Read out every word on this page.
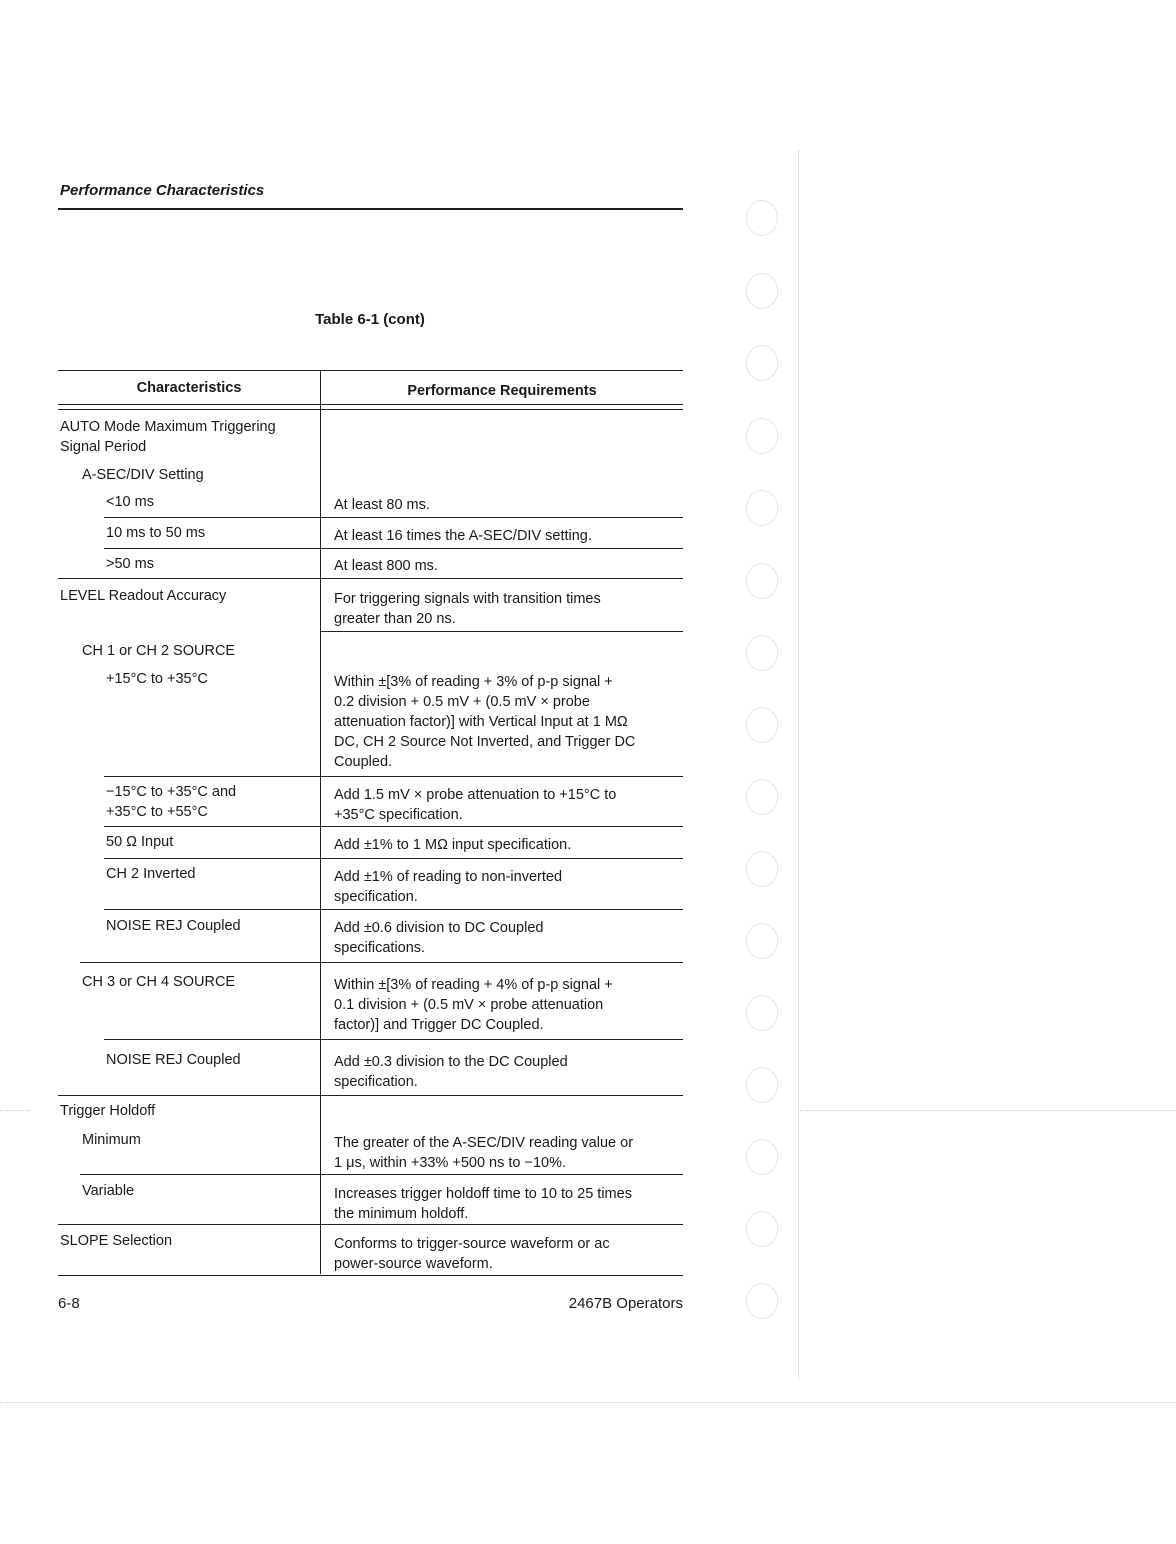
Performance Characteristics
Table 6-1 (cont)
Characteristics	Performance Requirements
AUTO Mode Maximum Triggering
Signal Period
A-SEC/DIV Setting
<10 ms
10 ms to 50 ms
>50 ms
LEVEL Readout Accuracy
CH 1 or CH 2 SOURCE
+15°C to +35°C
−15°C to +35°C and
+35°C to +55°C
50 Ω Input
CH 2 Inverted
NOISE REJ Coupled
CH 3 or CH 4 SOURCE
NOISE REJ Coupled
Trigger Holdoff
Minimum
Variable
SLOPE Selection
At least 80 ms.
At least 16 times the A-SEC/DIV setting.
At least 800 ms.
For triggering signals with transition times
greater than 20 ns.
Within ±[3% of reading + 3% of p-p signal +
0.2 division + 0.5 mV + (0.5 mV × probe
attenuation factor)] with Vertical Input at 1 MΩ
DC, CH 2 Source Not Inverted, and Trigger DC
Coupled.
Add 1.5 mV × probe attenuation to +15°C to
+35°C specification.
Add ±1% to 1 MΩ input specification.
Add ±1% of reading to non-inverted
specification.
Add ±0.6 division to DC Coupled
specifications.
Within ±[3% of reading + 4% of p-p signal +
0.1 division + (0.5 mV × probe attenuation
factor)] and Trigger DC Coupled.
Add ±0.3 division to the DC Coupled
specification.
The greater of the A-SEC/DIV reading value or
1 μs, within +33% +500 ns to −10%.
Increases trigger holdoff time to 10 to 25 times
the minimum holdoff.
Conforms to trigger-source waveform or ac
power-source waveform.
6-8	2467B Operators
